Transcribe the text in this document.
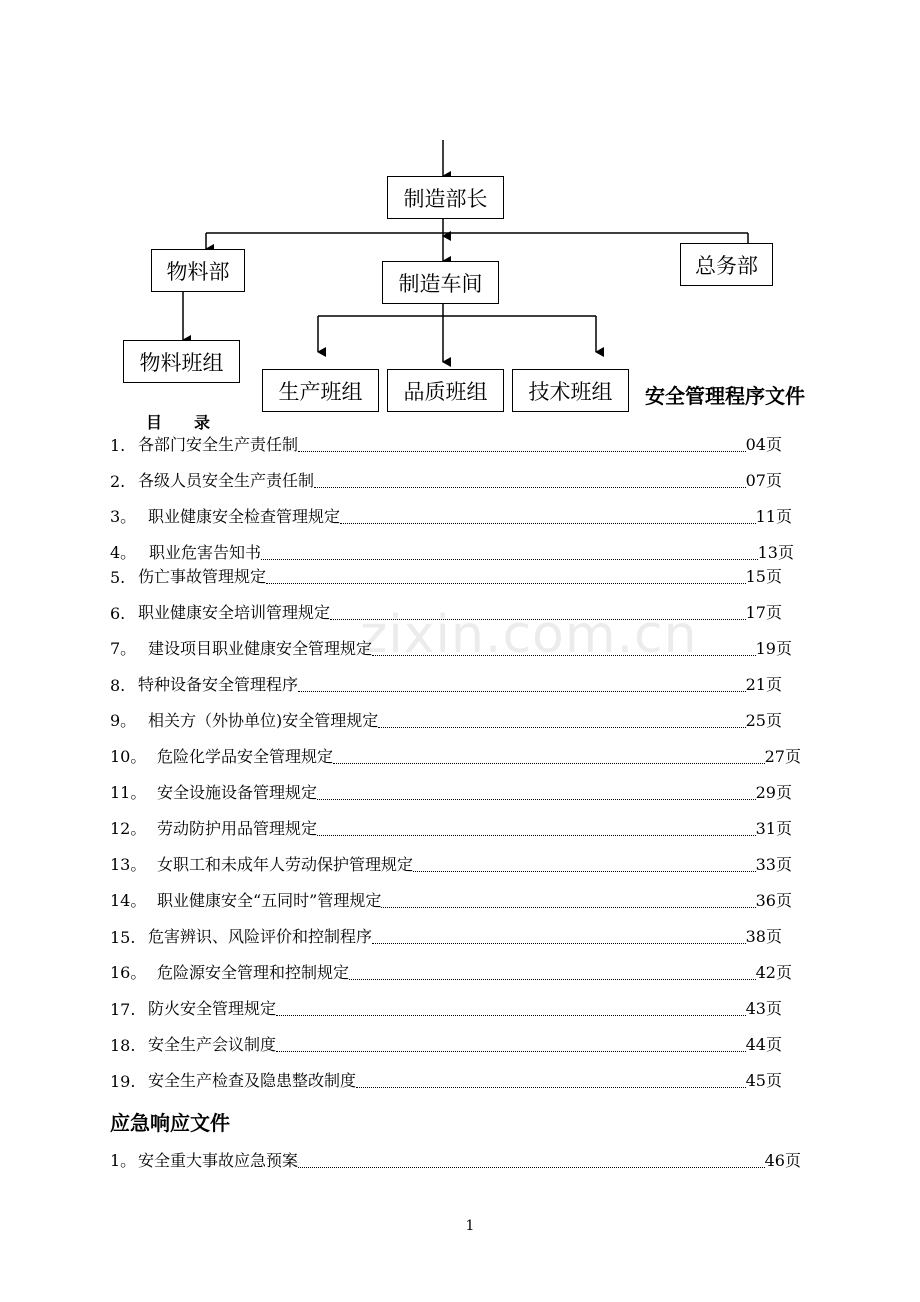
zixin.com.cn
制造部长
物料部	制造车间
总务部
物料班组
生产班组	品质班组	技术班组	安全管理程序文件
目　　录
1. 各部门安全生产责任制	04页
2. 各级人员安全生产责任制	07页
3。 职业健康安全检查管理规定	11页
4。 职业危害告知书	13页
5. 伤亡事故管理规定	15页
6. 职业健康安全培训管理规定	17页
7。 建设项目职业健康安全管理规定	19页
8. 特种设备安全管理程序	21页
9。 相关方（外协单位)安全管理规定	25页
10。 危险化学品安全管理规定	27页
11。 安全设施设备管理规定	29页
12。 劳动防护用品管理规定	31页
13。 女职工和未成年人劳动保护管理规定	33页
14。 职业健康安全“五同时”管理规定	36页
15. 危害辨识、风险评价和控制程序	38页
16。 危险源安全管理和控制规定	42页
17. 防火安全管理规定	43页
18. 安全生产会议制度	44页
19. 安全生产检查及隐患整改制度	45页
应急响应文件
1。 安全重大事故应急预案	46页
1
